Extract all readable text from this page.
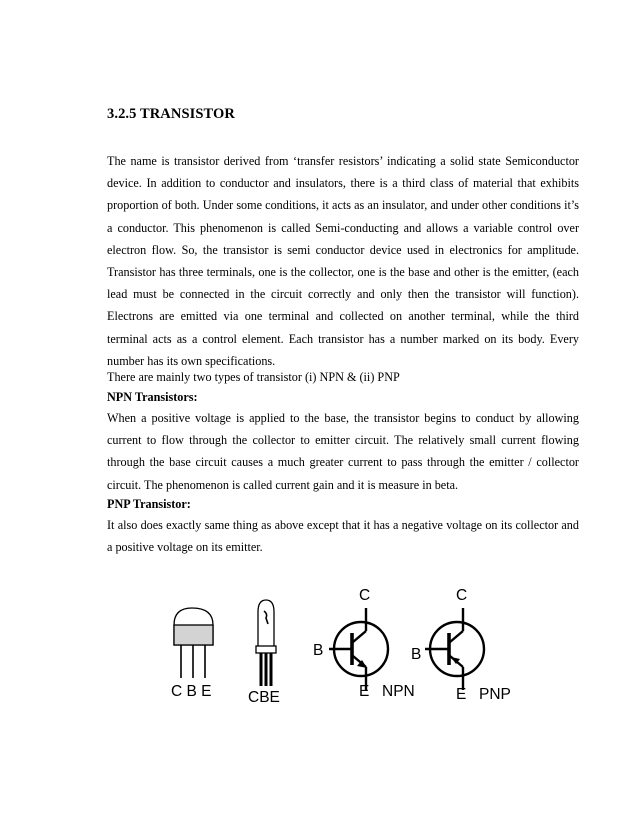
3.2.5 TRANSISTOR

The name is transistor derived from ‘transfer resistors’ indicating a solid state Semiconductor device. In addition to conductor and insulators, there is a third class of material that exhibits proportion of both. Under some conditions, it acts as an insulator, and under other conditions it’s a conductor. This phenomenon is called Semi-conducting and allows a variable control over electron flow. So, the transistor is semi conductor device used in electronics for amplitude. Transistor has three terminals, one is the collector, one is the base and other is the emitter, (each lead must be connected in the circuit correctly and only then the transistor will function). Electrons are emitted via one terminal and collected on another terminal, while the third terminal acts as a control element. Each transistor has a number marked on its body. Every number has its own specifications.

There are mainly two types of transistor (i) NPN & (ii) PNP

NPN Transistors:

When a positive voltage is applied to the base, the transistor begins to conduct by allowing current to flow through the collector to emitter circuit. The relatively small current flowing through the base circuit causes a much greater current to pass through the emitter / collector circuit. The phenomenon is called current gain and it is measure in beta.

PNP Transistor:

It also does exactly same thing as above except that it has a negative voltage on its collector and a positive voltage on its emitter.

C B E CBE
C
B
E NPN
C
B
E PNP
